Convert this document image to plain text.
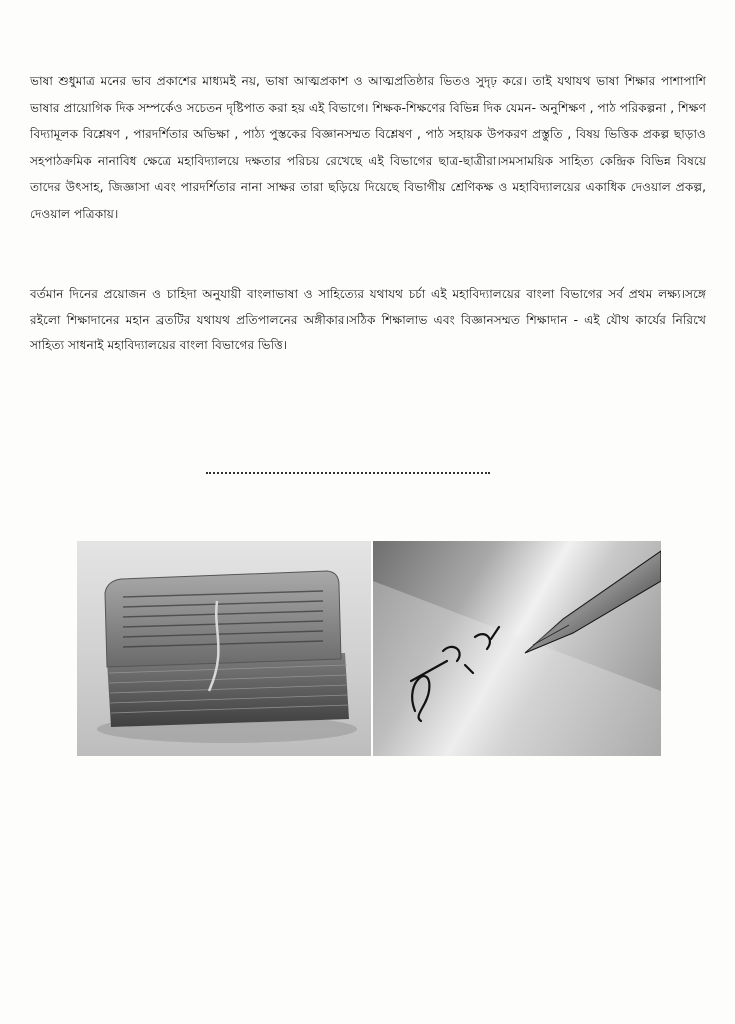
ভাষা শুধুমাত্র মনের ভাব প্রকাশের মাধ্যমই নয়, ভাষা আত্মপ্রকাশ ও আত্মপ্রতিষ্ঠার ভিতও সুদৃঢ় করে। তাই যথাযথ ভাষা শিক্ষার পাশাপাশি ভাষার প্রায়োগিক দিক সম্পর্কেও সচেতন দৃষ্টিপাত করা হয় এই বিভাগে। শিক্ষক-শিক্ষণের বিভিন্ন দিক যেমন- অনুশিক্ষণ , পাঠ পরিকল্পনা , শিক্ষণ বিদ্যামূলক বিশ্লেষণ , পারদর্শিতার অভিক্ষা , পাঠ্য পুস্তকের বিজ্ঞানসম্মত বিশ্লেষণ , পাঠ সহায়ক উপকরণ প্রস্তুতি , বিষয় ভিত্তিক প্রকল্প ছাড়াও সহপাঠক্রমিক নানাবিধ ক্ষেত্রে মহাবিদ্যালয়ে দক্ষতার পরিচয় রেখেছে এই বিভাগের ছাত্র-ছাত্রীরা।সমসাময়িক সাহিত্য কেন্দ্রিক বিভিন্ন বিষয়ে তাদের উৎসাহ, জিজ্ঞাসা এবং পারদর্শিতার নানা সাক্ষর তারা ছড়িয়ে দিয়েছে বিভাগীয় শ্রেণিকক্ষ ও মহাবিদ্যালয়ের একাধিক দেওয়াল প্রকল্প, দেওয়াল পত্রিকায়।

বর্তমান দিনের প্রয়োজন ও চাহিদা অনুযায়ী বাংলাভাষা ও সাহিত্যের যথাযথ চর্চা এই মহাবিদ্যালয়ের বাংলা বিভাগের সর্ব প্রথম লক্ষ্য।সঙ্গে রইলো শিক্ষাদানের মহান ব্রতটির যথাযথ প্রতিপালনের অঙ্গীকার।সঠিক শিক্ষালাভ এবং বিজ্ঞানসম্মত শিক্ষাদান - এই যৌথ কার্যের নিরিখে সাহিত্য সাধনাই মহাবিদ্যালয়ের বাংলা বিভাগের ভিত্তি।
